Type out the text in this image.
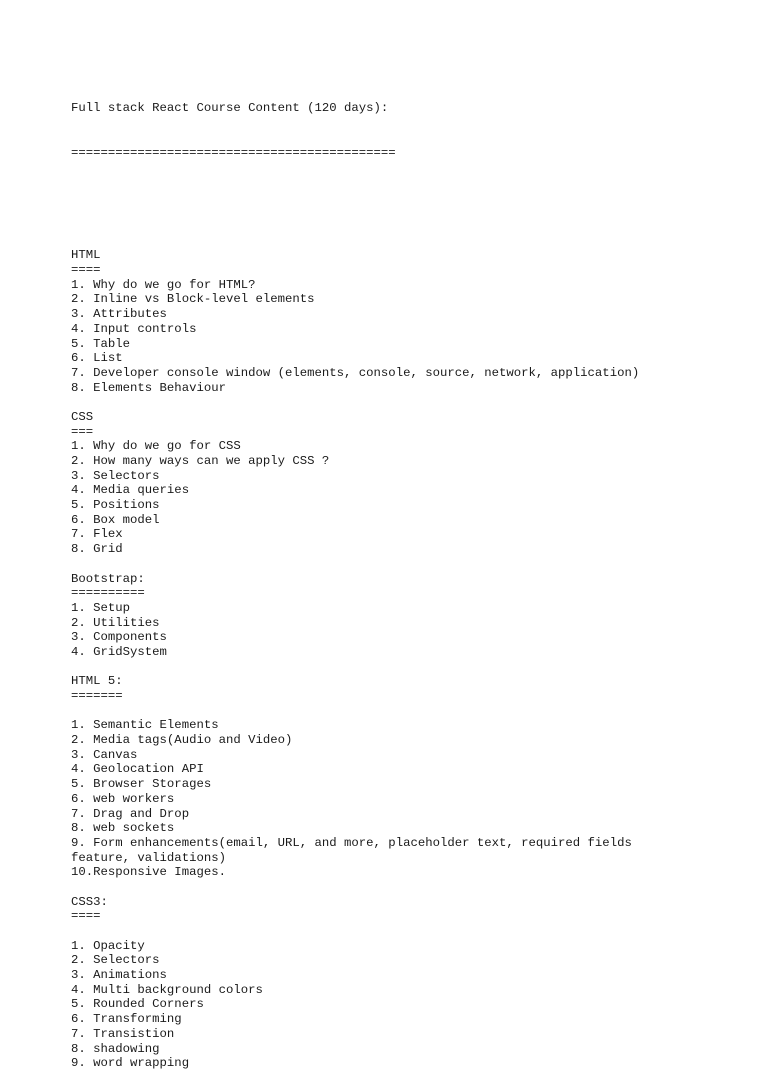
Full stack React Course Content (120 days):

============================================

HTML
====
1. Why do we go for HTML?
2. Inline vs Block-level elements
3. Attributes
4. Input controls
5. Table
6. List
7. Developer console window (elements, console, source, network, application)
8. Elements Behaviour
CSS
===
1. Why do we go for CSS
2. How many ways can we apply CSS ?
3. Selectors
4. Media queries
5. Positions
6. Box model
7. Flex
8. Grid
Bootstrap:
==========
1. Setup
2. Utilities
3. Components
4. GridSystem
HTML 5:
=======
1. Semantic Elements
2. Media tags(Audio and Video)
3. Canvas
4. Geolocation API
5. Browser Storages
6. web workers
7. Drag and Drop
8. web sockets
9. Form enhancements(email, URL, and more, placeholder text, required fields
feature, validations)
10.Responsive Images.
CSS3:
====
1. Opacity
2. Selectors
3. Animations
4. Multi background colors
5. Rounded Corners
6. Transforming
7. Transistion
8. shadowing
9. word wrapping
